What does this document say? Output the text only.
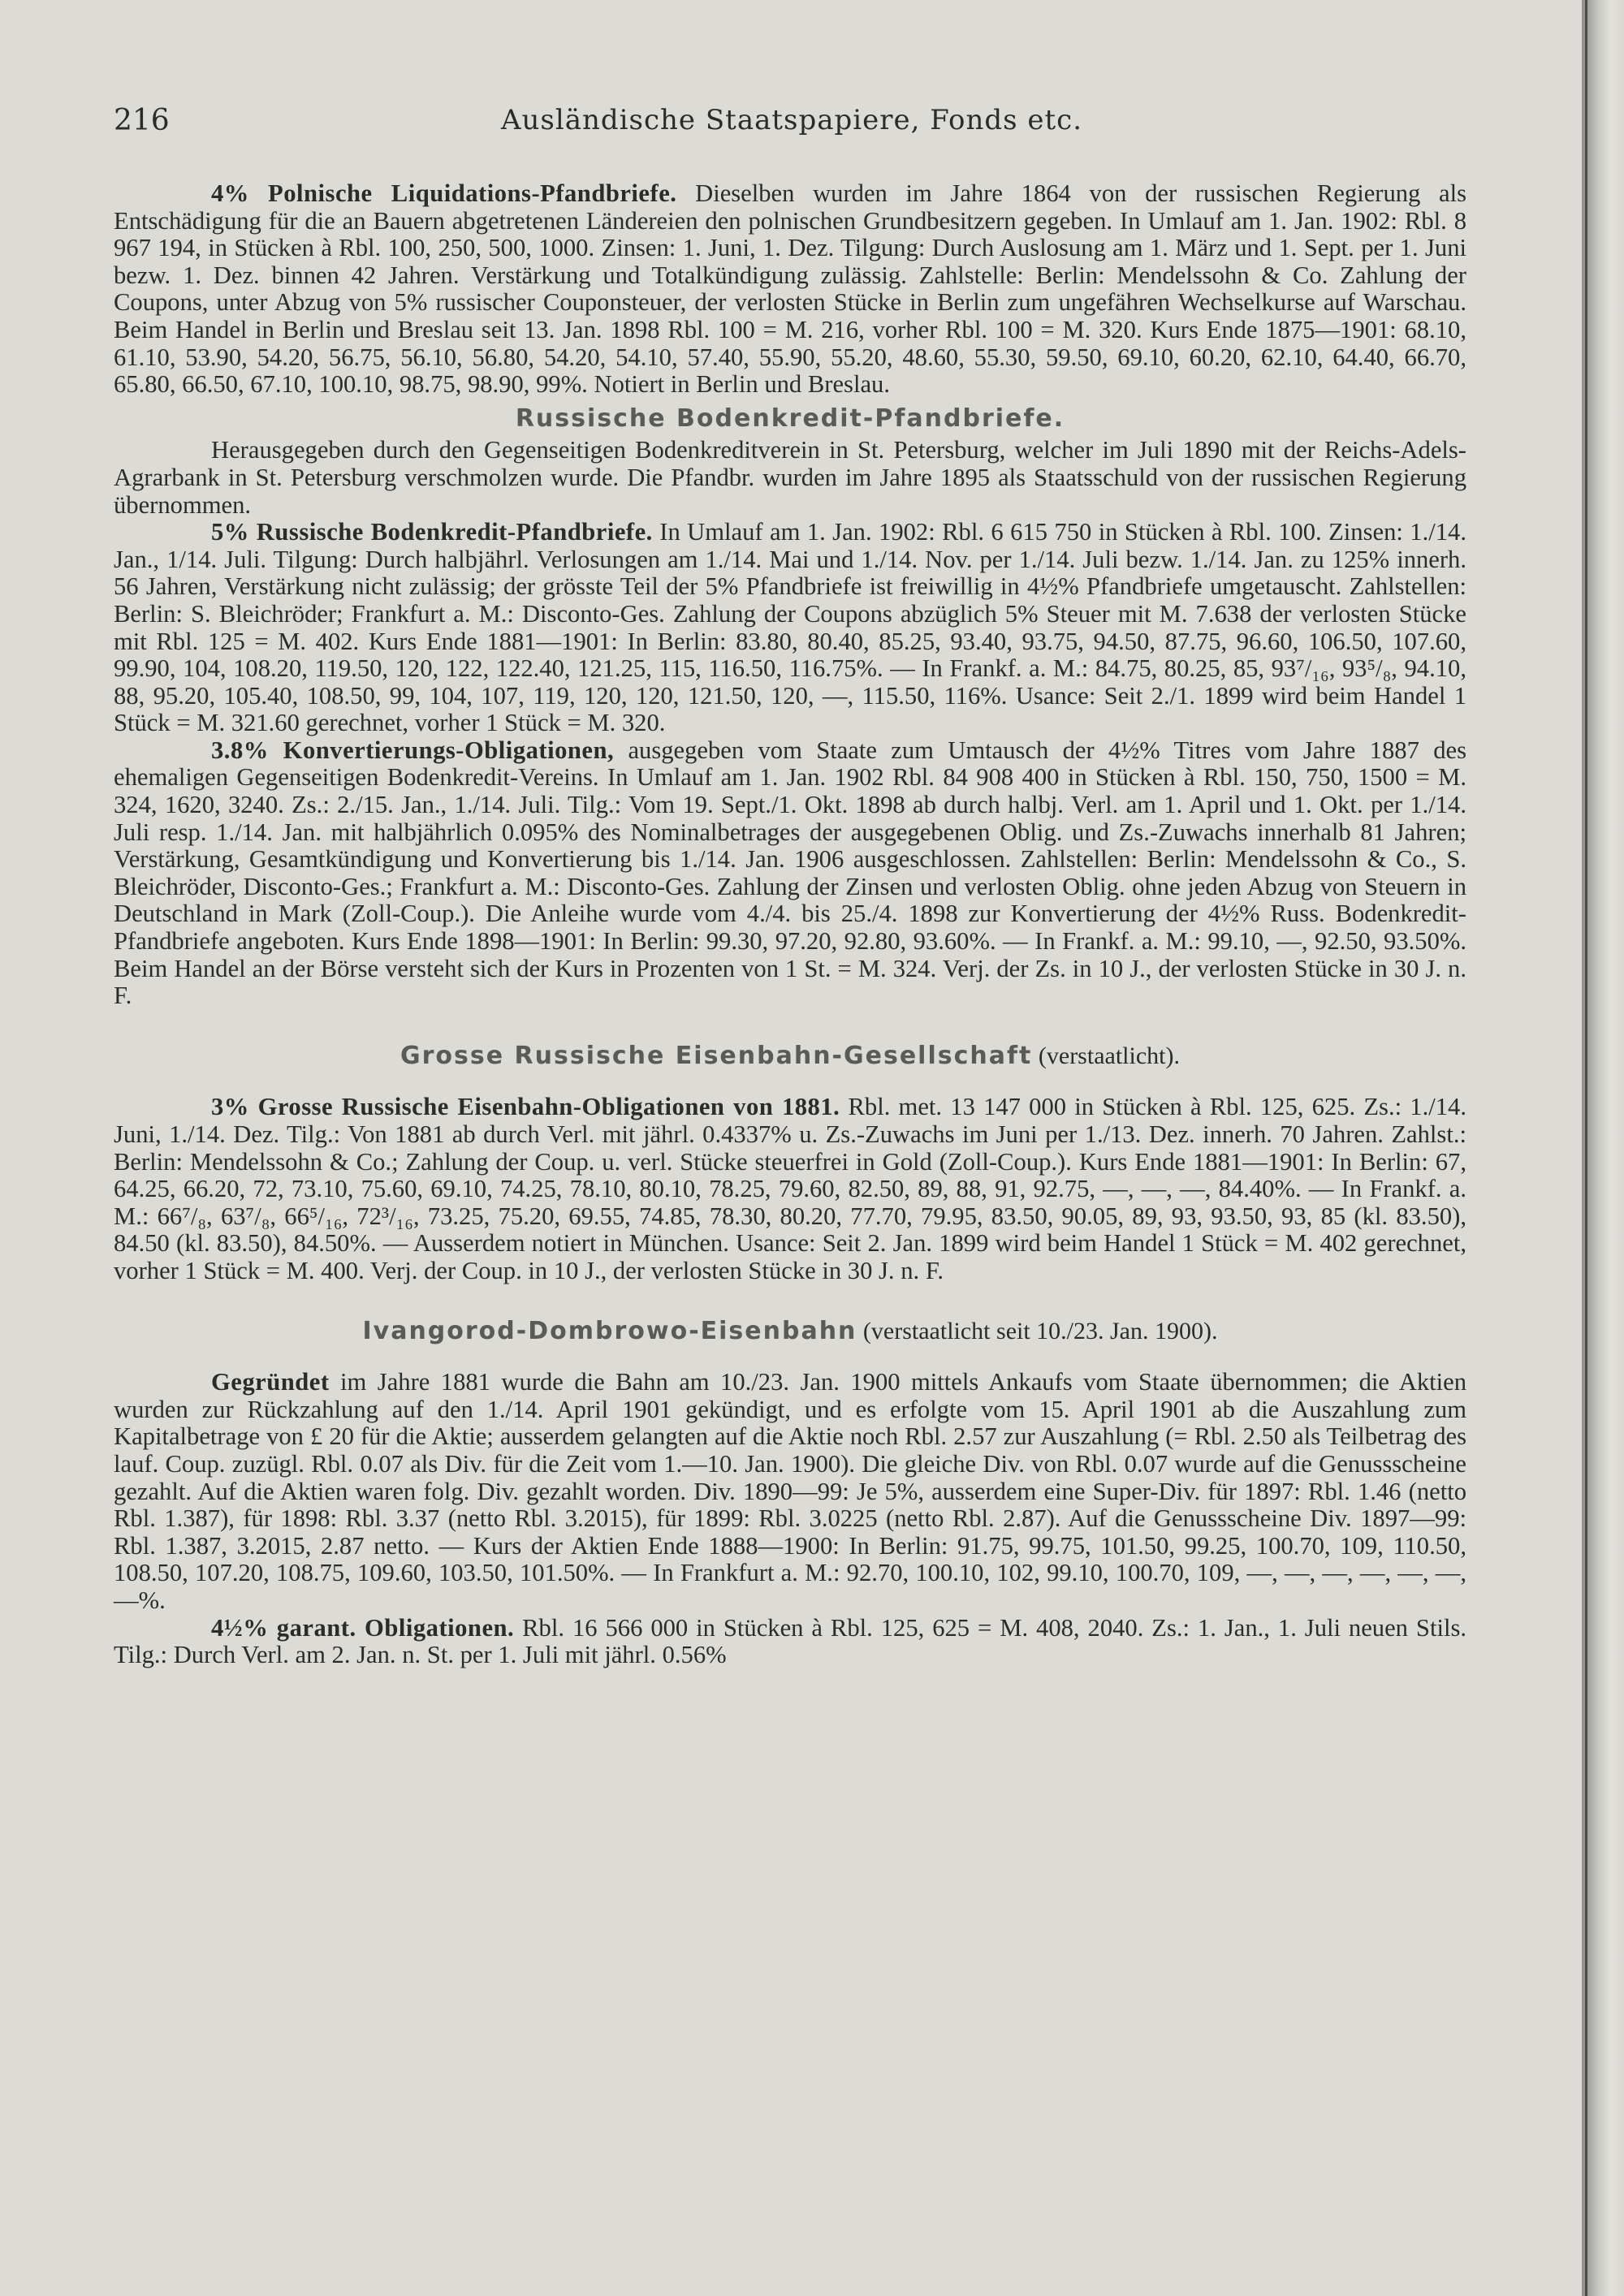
216	Ausländische Staatspapiere, Fonds etc.

4% Polnische Liquidations-Pfandbriefe. Dieselben wurden im Jahre 1864 von der russischen Regierung als Entschädigung für die an Bauern abgetretenen Ländereien den polnischen Grundbesitzern gegeben. In Umlauf am 1. Jan. 1902: Rbl. 8 967 194, in Stücken à Rbl. 100, 250, 500, 1000. Zinsen: 1. Juni, 1. Dez. Tilgung: Durch Auslosung am 1. März und 1. Sept. per 1. Juni bezw. 1. Dez. binnen 42 Jahren. Verstärkung und Totalkündigung zulässig. Zahlstelle: Berlin: Mendelssohn & Co. Zahlung der Coupons, unter Abzug von 5% russischer Couponsteuer, der verlosten Stücke in Berlin zum ungefähren Wechselkurse auf Warschau. Beim Handel in Berlin und Breslau seit 13. Jan. 1898 Rbl. 100 = M. 216, vorher Rbl. 100 = M. 320. Kurs Ende 1875—1901: 68.10, 61.10, 53.90, 54.20, 56.75, 56.10, 56.80, 54.20, 54.10, 57.40, 55.90, 55.20, 48.60, 55.30, 59.50, 69.10, 60.20, 62.10, 64.40, 66.70, 65.80, 66.50, 67.10, 100.10, 98.75, 98.90, 99%. Notiert in Berlin und Breslau.

Russische Bodenkredit-Pfandbriefe.

Herausgegeben durch den Gegenseitigen Bodenkreditverein in St. Petersburg, welcher im Juli 1890 mit der Reichs-Adels-Agrarbank in St. Petersburg verschmolzen wurde. Die Pfandbr. wurden im Jahre 1895 als Staatsschuld von der russischen Regierung übernommen.

5% Russische Bodenkredit-Pfandbriefe. In Umlauf am 1. Jan. 1902: Rbl. 6 615 750 in Stücken à Rbl. 100. Zinsen: 1./14. Jan., 1/14. Juli. Tilgung: Durch halbjährl. Verlosungen am 1./14. Mai und 1./14. Nov. per 1./14. Juli bezw. 1./14. Jan. zu 125% innerh. 56 Jahren, Verstärkung nicht zulässig; der grösste Teil der 5% Pfandbriefe ist freiwillig in 4½% Pfandbriefe umgetauscht. Zahlstellen: Berlin: S. Bleichröder; Frankfurt a. M.: Disconto-Ges. Zahlung der Coupons abzüglich 5% Steuer mit M. 7.638 der verlosten Stücke mit Rbl. 125 = M. 402. Kurs Ende 1881—1901: In Berlin: 83.80, 80.40, 85.25, 93.40, 93.75, 94.50, 87.75, 96.60, 106.50, 107.60, 99.90, 104, 108.20, 119.50, 120, 122, 122.40, 121.25, 115, 116.50, 116.75%. — In Frankf. a. M.: 84.75, 80.25, 85, 93⁷/₁₆, 93⁵/₈, 94.10, 88, 95.20, 105.40, 108.50, 99, 104, 107, 119, 120, 120, 121.50, 120, —, 115.50, 116%. Usance: Seit 2./1. 1899 wird beim Handel 1 Stück = M. 321.60 gerechnet, vorher 1 Stück = M. 320.

3.8% Konvertierungs-Obligationen, ausgegeben vom Staate zum Umtausch der 4½% Titres vom Jahre 1887 des ehemaligen Gegenseitigen Bodenkredit-Vereins. In Umlauf am 1. Jan. 1902 Rbl. 84 908 400 in Stücken à Rbl. 150, 750, 1500 = M. 324, 1620, 3240. Zs.: 2./15. Jan., 1./14. Juli. Tilg.: Vom 19. Sept./1. Okt. 1898 ab durch halbj. Verl. am 1. April und 1. Okt. per 1./14. Juli resp. 1./14. Jan. mit halbjährlich 0.095% des Nominalbetrages der ausgegebenen Oblig. und Zs.-Zuwachs innerhalb 81 Jahren; Verstärkung, Gesamtkündigung und Konvertierung bis 1./14. Jan. 1906 ausgeschlossen. Zahlstellen: Berlin: Mendelssohn & Co., S. Bleichröder, Disconto-Ges.; Frankfurt a. M.: Disconto-Ges. Zahlung der Zinsen und verlosten Oblig. ohne jeden Abzug von Steuern in Deutschland in Mark (Zoll-Coup.). Die Anleihe wurde vom 4./4. bis 25./4. 1898 zur Konvertierung der 4½% Russ. Bodenkredit-Pfandbriefe angeboten. Kurs Ende 1898—1901: In Berlin: 99.30, 97.20, 92.80, 93.60%. — In Frankf. a. M.: 99.10, —, 92.50, 93.50%. Beim Handel an der Börse versteht sich der Kurs in Prozenten von 1 St. = M. 324. Verj. der Zs. in 10 J., der verlosten Stücke in 30 J. n. F.

Grosse Russische Eisenbahn-Gesellschaft (verstaatlicht).

3% Grosse Russische Eisenbahn-Obligationen von 1881. Rbl. met. 13 147 000 in Stücken à Rbl. 125, 625. Zs.: 1./14. Juni, 1./14. Dez. Tilg.: Von 1881 ab durch Verl. mit jährl. 0.4337% u. Zs.-Zuwachs im Juni per 1./13. Dez. innerh. 70 Jahren. Zahlst.: Berlin: Mendelssohn & Co.; Zahlung der Coup. u. verl. Stücke steuerfrei in Gold (Zoll-Coup.). Kurs Ende 1881—1901: In Berlin: 67, 64.25, 66.20, 72, 73.10, 75.60, 69.10, 74.25, 78.10, 80.10, 78.25, 79.60, 82.50, 89, 88, 91, 92.75, —, —, —, 84.40%. — In Frankf. a. M.: 66⁷/₈, 63⁷/₈, 66⁵/₁₆, 72³/₁₆, 73.25, 75.20, 69.55, 74.85, 78.30, 80.20, 77.70, 79.95, 83.50, 90.05, 89, 93, 93.50, 93, 85 (kl. 83.50), 84.50 (kl. 83.50), 84.50%. — Ausserdem notiert in München. Usance: Seit 2. Jan. 1899 wird beim Handel 1 Stück = M. 402 gerechnet, vorher 1 Stück = M. 400. Verj. der Coup. in 10 J., der verlosten Stücke in 30 J. n. F.

Ivangorod-Dombrowo-Eisenbahn (verstaatlicht seit 10./23. Jan. 1900).

Gegründet im Jahre 1881 wurde die Bahn am 10./23. Jan. 1900 mittels Ankaufs vom Staate übernommen; die Aktien wurden zur Rückzahlung auf den 1./14. April 1901 gekündigt, und es erfolgte vom 15. April 1901 ab die Auszahlung zum Kapitalbetrage von £ 20 für die Aktie; ausserdem gelangten auf die Aktie noch Rbl. 2.57 zur Auszahlung (= Rbl. 2.50 als Teilbetrag des lauf. Coup. zuzügl. Rbl. 0.07 als Div. für die Zeit vom 1.—10. Jan. 1900). Die gleiche Div. von Rbl. 0.07 wurde auf die Genussscheine gezahlt. Auf die Aktien waren folg. Div. gezahlt worden. Div. 1890—99: Je 5%, ausserdem eine Super-Div. für 1897: Rbl. 1.46 (netto Rbl. 1.387), für 1898: Rbl. 3.37 (netto Rbl. 3.2015), für 1899: Rbl. 3.0225 (netto Rbl. 2.87). Auf die Genussscheine Div. 1897—99: Rbl. 1.387, 3.2015, 2.87 netto. — Kurs der Aktien Ende 1888—1900: In Berlin: 91.75, 99.75, 101.50, 99.25, 100.70, 109, 110.50, 108.50, 107.20, 108.75, 109.60, 103.50, 101.50%. — In Frankfurt a. M.: 92.70, 100.10, 102, 99.10, 100.70, 109, —, —, —, —, —, —, —%.

4½% garant. Obligationen. Rbl. 16 566 000 in Stücken à Rbl. 125, 625 = M. 408, 2040. Zs.: 1. Jan., 1. Juli neuen Stils. Tilg.: Durch Verl. am 2. Jan. n. St. per 1. Juli mit jährl. 0.56%
